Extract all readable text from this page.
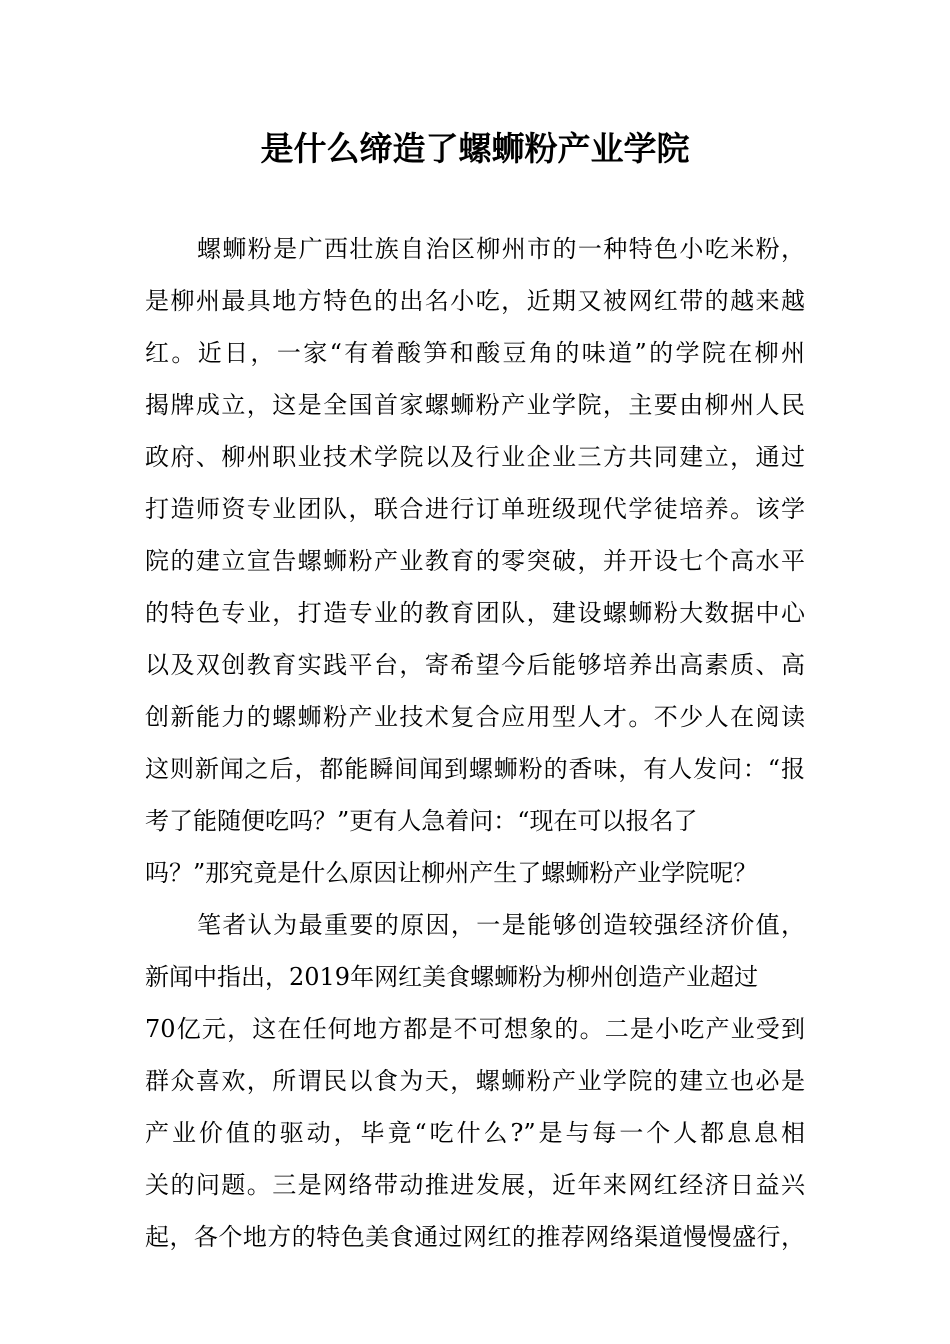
是什么缔造了螺蛳粉产业学院
螺蛳粉是广西壮族自治区柳州市的一种特色小吃米粉，
是柳州最具地方特色的出名小吃，近期又被网红带的越来越
红。近日，一家“有着酸笋和酸豆角的味道”的学院在柳州
揭牌成立，这是全国首家螺蛳粉产业学院，主要由柳州人民
政府、柳州职业技术学院以及行业企业三方共同建立，通过
打造师资专业团队，联合进行订单班级现代学徒培养。该学
院的建立宣告螺蛳粉产业教育的零突破，并开设七个高水平
的特色专业，打造专业的教育团队，建设螺蛳粉大数据中心
以及双创教育实践平台，寄希望今后能够培养出高素质、高
创新能力的螺蛳粉产业技术复合应用型人才。不少人在阅读
这则新闻之后，都能瞬间闻到螺蛳粉的香味，有人发问：“报
考了能随便吃吗？”更有人急着问：“现在可以报名了
吗？”那究竟是什么原因让柳州产生了螺蛳粉产业学院呢？
笔者认为最重要的原因，一是能够创造较强经济价值，
新闻中指出，2019年网红美食螺蛳粉为柳州创造产业超过
70亿元，这在任何地方都是不可想象的。二是小吃产业受到
群众喜欢，所谓民以食为天，螺蛳粉产业学院的建立也必是
产业价值的驱动，毕竟“吃什么?”是与每一个人都息息相
关的问题。三是网络带动推进发展，近年来网红经济日益兴
起，各个地方的特色美食通过网红的推荐网络渠道慢慢盛行，
